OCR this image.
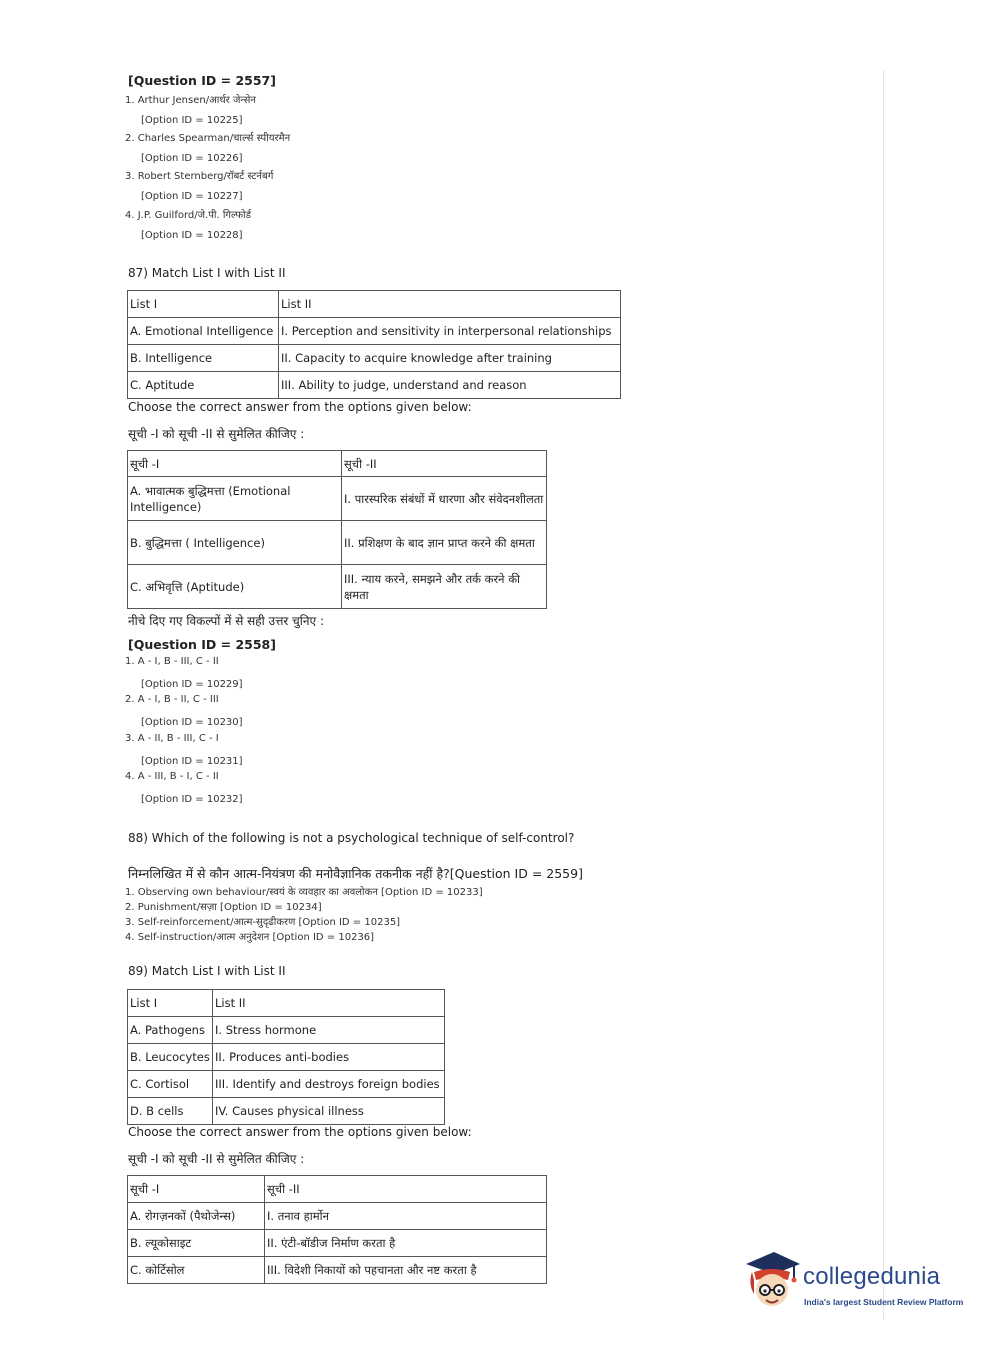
[Question ID = 2557]
1. Arthur Jensen/आर्थर जेन्सेन
[Option ID = 10225]
2. Charles Spearman/चार्ल्स स्पीयरमैन
[Option ID = 10226]
3. Robert Sternberg/रॉबर्ट स्टर्नबर्ग
[Option ID = 10227]
4. J.P. Guilford/जे.पी. गिल्फोर्ड
[Option ID = 10228]
87) Match List I with List II
List I	List II
A. Emotional Intelligence	I. Perception and sensitivity in interpersonal relationships
B. Intelligence	II. Capacity to acquire knowledge after training
C. Aptitude	III. Ability to judge, understand and reason
Choose the correct answer from the options given below:
सूची -I को सूची -II से सुमेलित कीजिए :
सूची -I	सूची -II
A. भावात्मक बुद्धिमत्ता (Emotional Intelligence)	I. पारस्परिक संबंधों में धारणा और संवेदनशीलता
B. बुद्धिमत्ता ( Intelligence)	II. प्रशिक्षण के बाद ज्ञान प्राप्त करने की क्षमता
C. अभिवृत्ति (Aptitude)	III. न्याय करने, समझने और तर्क करने की क्षमता
नीचे दिए गए विकल्पों में से सही उत्तर चुनिए :
[Question ID = 2558]
1. A - I, B - III, C - II
[Option ID = 10229]
2. A - I, B - II, C - III
[Option ID = 10230]
3. A - II, B - III, C - I
[Option ID = 10231]
4. A - III, B - I, C - II
[Option ID = 10232]
88) Which of the following is not a psychological technique of self-control?
निम्नलिखित में से कौन आत्म-नियंत्रण की मनोवैज्ञानिक तकनीक नहीं है?[Question ID = 2559]
1. Observing own behaviour/स्वयं के व्यवहार का अवलोकन [Option ID = 10233]
2. Punishment/सज़ा [Option ID = 10234]
3. Self-reinforcement/आत्म-सुदृढीकरण [Option ID = 10235]
4. Self-instruction/आत्म अनुदेशन [Option ID = 10236]
89) Match List I with List II
List I	List II
A. Pathogens	I. Stress hormone
B. Leucocytes	II. Produces anti-bodies
C. Cortisol	III. Identify and destroys foreign bodies
D. B cells	IV. Causes physical illness
Choose the correct answer from the options given below:
सूची -I को सूची -II से सुमेलित कीजिए :
सूची -I	सूची -II
A. रोगज़नकों (पैथोजेन्स)	I. तनाव हार्मोन
B. ल्यूकोसाइट	II. एंटी-बॉडीज निर्माण करता है
C. कोर्टिसोल	III. विदेशी निकायों को पहचानता और नष्ट करता है	collegedunia
India's largest Student Review Platform
